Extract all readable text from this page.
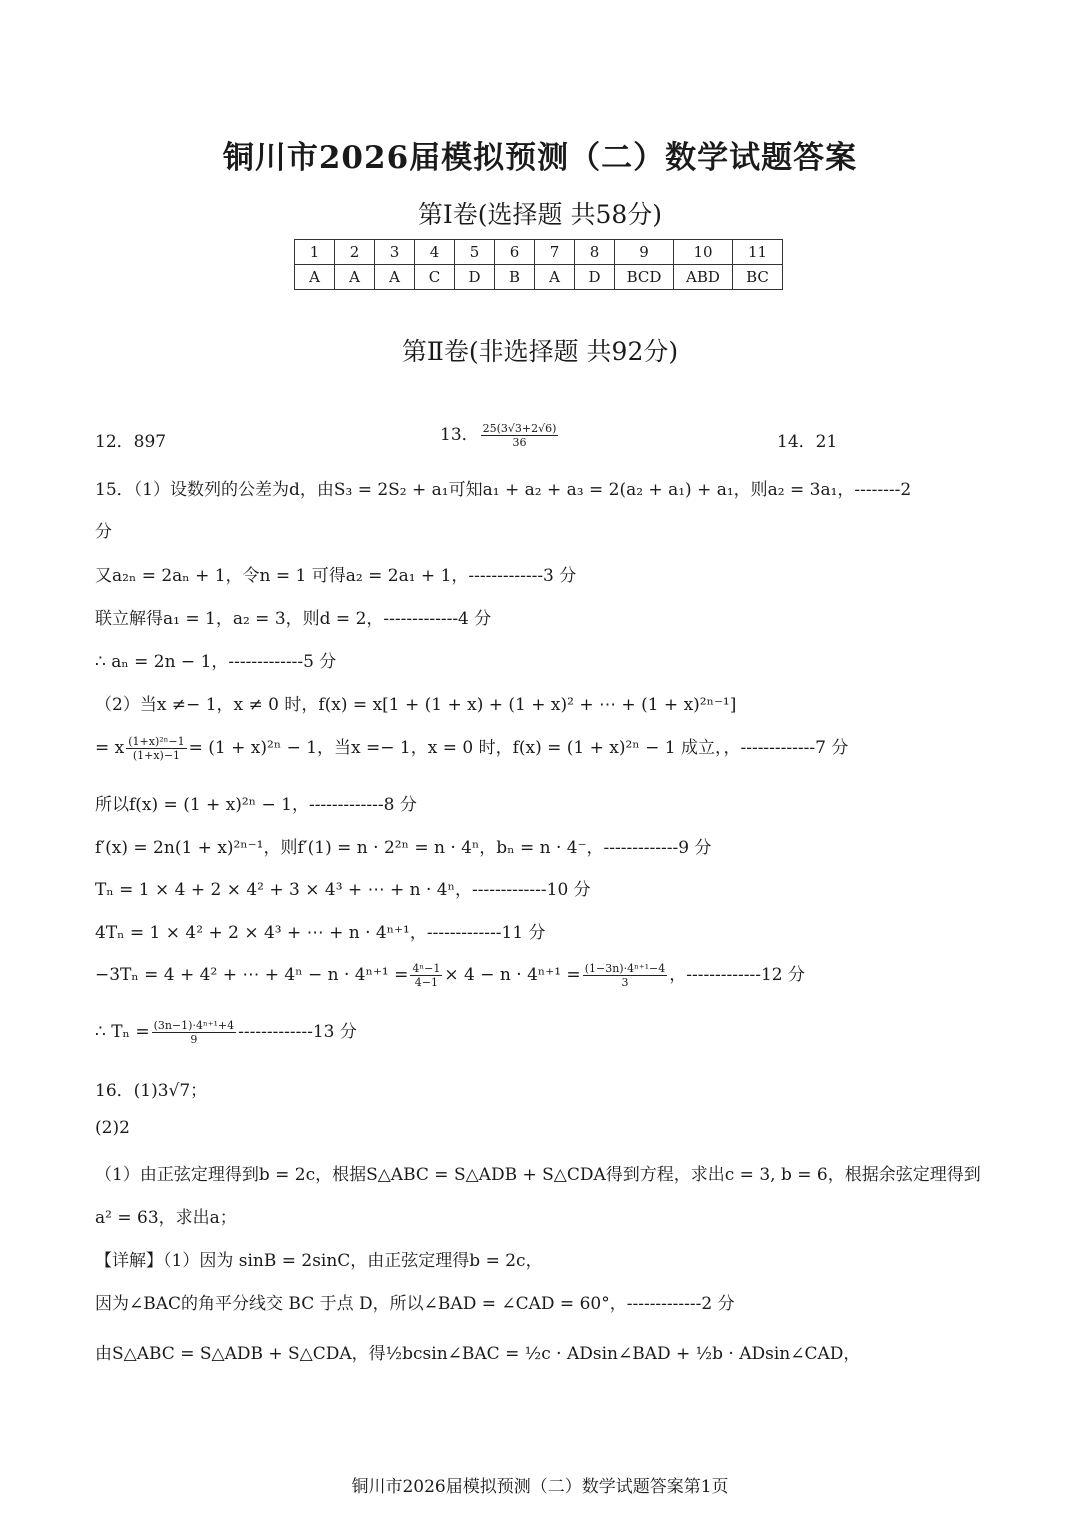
铜川市2026届模拟预测（二）数学试题答案
第Ⅰ卷(选择题 共58分)
1	2	3	4	5	6	7	8	9	10	11
A	A	A	C	D	B	A	D	BCD	ABD	BC
第Ⅱ卷(非选择题 共92分)
12．897	13． $\frac{25(3√3+2√6)}{36}$	14．21
15．（1）设数列的公差为d，由S₃ = 2S₂ + a₁可知a₁ + a₂ + a₃ = 2(a₂ + a₁) + a₁，则a₂ = 3a₁，--------2
分
又a₂ₙ = 2aₙ + 1，令n = 1 可得a₂ = 2a₁ + 1，-------------3 分
联立解得a₁ = 1，a₂ = 3，则d = 2，-------------4 分
∴ aₙ = 2n − 1，-------------5 分
（2）当x ≠− 1，x ≠ 0 时，f(x) = x[1 + (1 + x) + (1 + x)² + ⋯ + (1 + x)²ⁿ⁻¹]
= x $\frac{\text{(1+x)²ⁿ−1}}{(1+x)-1} = (1 + x)^{2n} - 1$，当x =− 1，x = 0 时，f(x) = (1 + x)²ⁿ − 1 成立，，-------------7 分
所以f(x) = (1 + x)²ⁿ − 1，-------------8 分
f′(x) = 2n(1 + x)²ⁿ⁻¹，则f′(1) = n · 2²ⁿ = n · 4ⁿ，bₙ = n · 4⁻，-------------9 分
Tₙ = 1 × 4 + 2 × 4² + 3 × 4³ + ⋯ + n · 4ⁿ，-------------10 分
4Tₙ = 1 × 4² + 2 × 4³ + ⋯ + n · 4ⁿ⁺¹，-------------11 分
−3Tₙ = 4 + 4² + ⋯ + $4^n - n \cdot 4^{n+1} = \frac{\text{4ⁿ−1}}{4-1} \times 4 - n \cdot 4^{n+1} = \frac{\text{(1−3n)·4ⁿ⁺¹−4}}{3}$ ，-------------12 分
∴ $T_n = \frac{\text{(3n−1)·4ⁿ⁺¹+4}}{9} -------------13$ 分
16．(1)3√7；
(2)2
（1）由正弦定理得到b = 2c，根据S△ABC = S△ADB + S△CDA得到方程，求出c = 3, b = 6，根据余弦定理得到
a² = 63，求出a；
【详解】（1）因为 sinB = 2sinC，由正弦定理得b = 2c，
因为∠BAC的角平分线交 BC 于点 D，所以∠BAD = ∠CAD = 60°，-------------2 分
由S△ABC = S△ADB + S△CDA，得½bcsin∠BAC = ½c · ADsin∠BAD + ½b · ADsin∠CAD，
铜川市2026届模拟预测（二）数学试题答案第1页
